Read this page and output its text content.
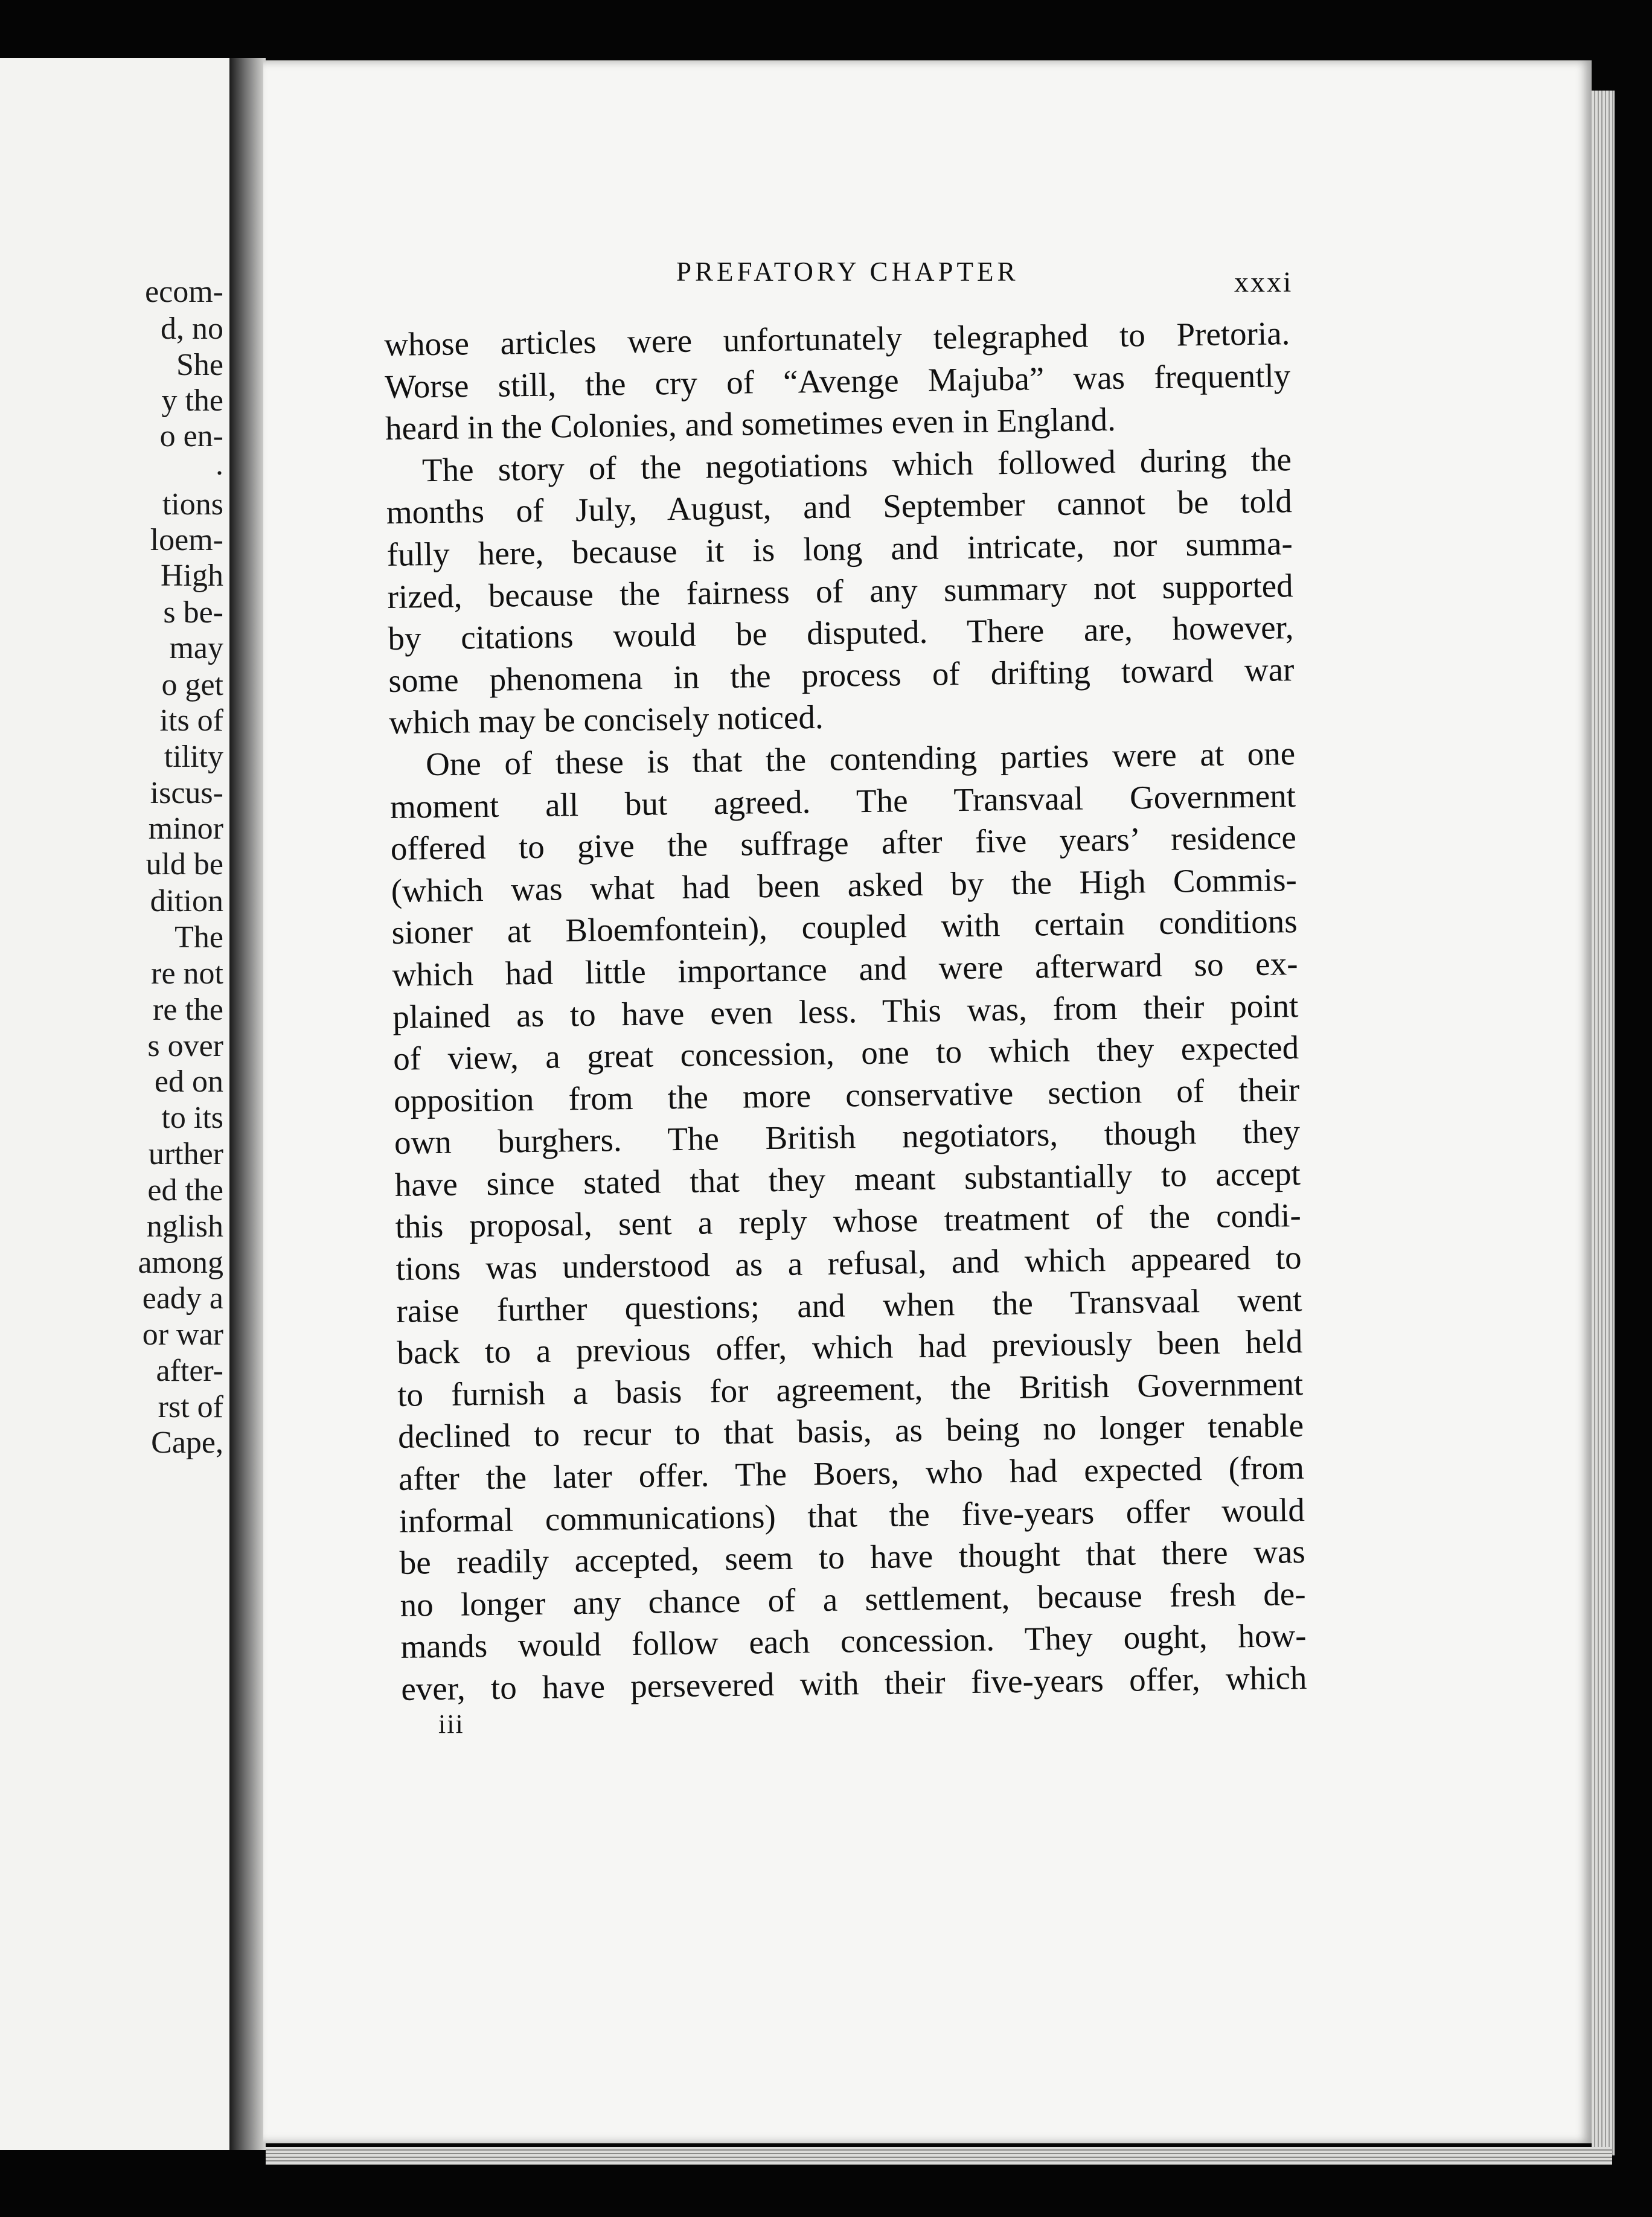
ecom-
d, no
She
y the
o en-
.
tions
loem-
High
s be-
may
o get
its of
tility
iscus-
minor
uld be
dition
The
re not
re the
s over
ed on
to its
urther
ed the
nglish
among
eady a
or war
after-
rst of
Cape,
PREFATORY CHAPTER	xxxi
whose articles were unfortunately telegraphed to Pretoria.
Worse still, the cry of “Avenge Majuba” was frequently
heard in the Colonies, and sometimes even in England.
The story of the negotiations which followed during the
months of July, August, and September cannot be told
fully here, because it is long and intricate, nor summa-
rized, because the fairness of any summary not supported
by citations would be disputed. There are, however,
some phenomena in the process of drifting toward war
which may be concisely noticed.
One of these is that the contending parties were at one
moment all but agreed. The Transvaal Government
offered to give the suffrage after five years’ residence
(which was what had been asked by the High Commis-
sioner at Bloemfontein), coupled with certain conditions
which had little importance and were afterward so ex-
plained as to have even less. This was, from their point
of view, a great concession, one to which they expected
opposition from the more conservative section of their
own burghers. The British negotiators, though they
have since stated that they meant substantially to accept
this proposal, sent a reply whose treatment of the condi-
tions was understood as a refusal, and which appeared to
raise further questions; and when the Transvaal went
back to a previous offer, which had previously been held
to furnish a basis for agreement, the British Government
declined to recur to that basis, as being no longer tenable
after the later offer. The Boers, who had expected (from
informal communications) that the five-years offer would
be readily accepted, seem to have thought that there was
no longer any chance of a settlement, because fresh de-
mands would follow each concession. They ought, how-
ever, to have persevered with their five-years offer, which
iii
